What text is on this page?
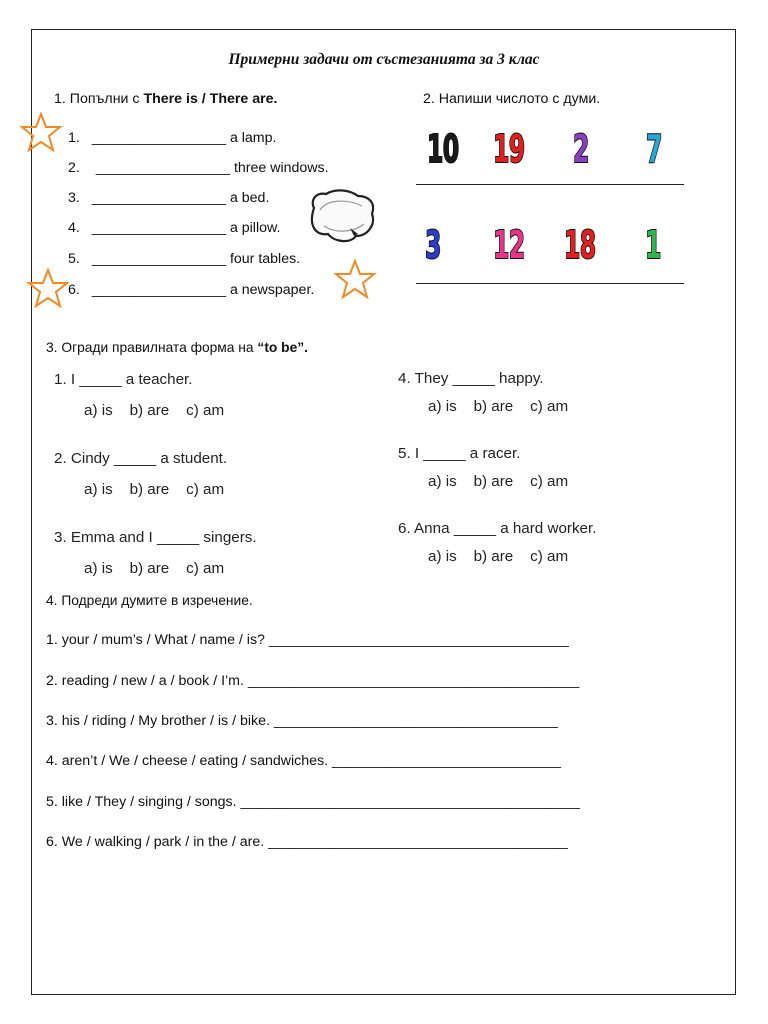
Примерни задачи от състезанията за 3 клас
1. Попълни с There is / There are.
1. _________________ a lamp.
2. _________________ three windows.
3. _________________ a bed.
4. _________________ a pillow.
5. _________________ four tables.
6. _________________ a newspaper.
2. Напиши числото с думи.
10 19 2 7
3 12 18 1
3. Огради правилната форма на “to be”.
1. I _____ a teacher.
a) is    b) are    c) am
2. Cindy _____ a student.
a) is    b) are    c) am
3. Emma and I _____ singers.
a) is    b) are    c) am
4. They _____ happy.
a) is    b) are    c) am
5. I _____ a racer.
a) is    b) are    c) am
6. Anna _____ a hard worker.
a) is    b) are    c) am
4. Подреди думите в изречение.
1. your / mum’s / What / name / is? ______________________________________
2. reading / new / a / book / I’m. __________________________________________
3. his / riding / My brother / is / bike. ____________________________________
4. aren’t / We / cheese / eating / sandwiches. _____________________________
5. like / They / singing / songs. ___________________________________________
6. We / walking / park / in the / are. ______________________________________
